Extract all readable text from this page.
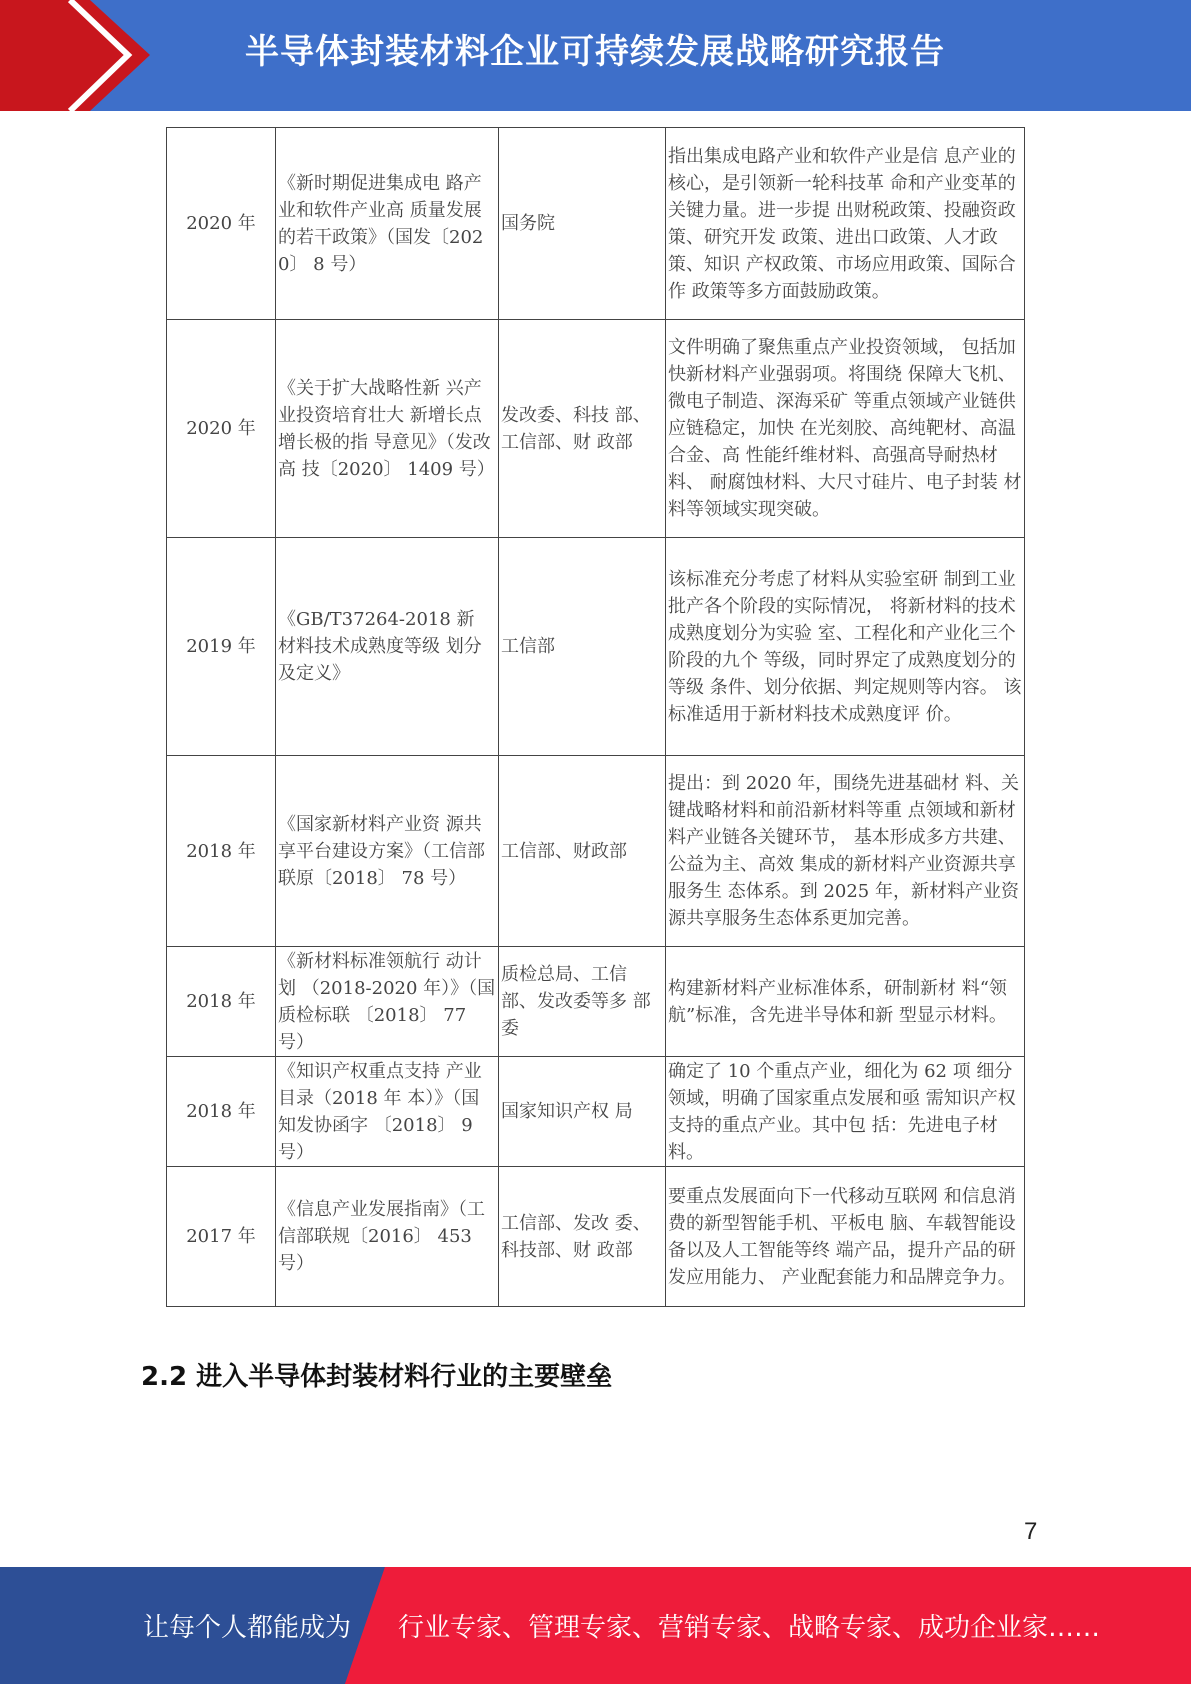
半导体封装材料企业可持续发展战略研究报告
2020 年	《新时期促进集成电 路产业和软件产业高 质量发展的若干政策》（国发〔2020〕 8 号）	国务院	指出集成电路产业和软件产业是信 息产业的核心，是引领新一轮科技革 命和产业变革的关键力量。进一步提 出财税政策、投融资政策、研究开发 政策、进出口政策、人才政策、知识 产权政策、市场应用政策、国际合作 政策等多方面鼓励政策。
2020 年	《关于扩大战略性新 兴产业投资培育壮大 新增长点增长极的指 导意见》（发改高 技〔2020〕 1409 号）	发改委、科技 部、工信部、财 政部	文件明确了聚焦重点产业投资领域， 包括加快新材料产业强弱项。将围绕 保障大飞机、微电子制造、深海采矿 等重点领域产业链供应链稳定，加快 在光刻胶、高纯靶材、高温合金、高 性能纤维材料、高强高导耐热材料、 耐腐蚀材料、大尺寸硅片、电子封装 材料等领域实现突破。
2019 年	《GB/T37264-2018 新 材料技术成熟度等级 划分及定义》	工信部	该标准充分考虑了材料从实验室研 制到工业批产各个阶段的实际情况， 将新材料的技术成熟度划分为实验 室、工程化和产业化三个阶段的九个 等级，同时界定了成熟度划分的等级 条件、划分依据、判定规则等内容。 该标准适用于新材料技术成熟度评 价。
2018 年	《国家新材料产业资 源共享平台建设方案》（工信部联原〔2018〕 78 号）	工信部、财政部	提出：到 2020 年，围绕先进基础材 料、关键战略材料和前沿新材料等重 点领域和新材料产业链各关键环节， 基本形成多方共建、公益为主、高效 集成的新材料产业资源共享服务生 态体系。到 2025 年，新材料产业资 源共享服务生态体系更加完善。
2018 年	《新材料标准领航行 动计划 （2018-2020 年）》（国质检标联 〔2018〕 77 号）	质检总局、工信 部、发改委等多 部委	构建新材料产业标准体系，研制新材 料“领航”标准，含先进半导体和新 型显示材料。
2018 年	《知识产权重点支持 产业目录（2018 年 本）》（国知发协函字 〔2018〕 9 号）	国家知识产权 局	确定了 10 个重点产业，细化为 62 项 细分领域，明确了国家重点发展和亟 需知识产权支持的重点产业。其中包 括：先进电子材料。
2017 年	《信息产业发展指南》（工信部联规〔2016〕 453 号）	工信部、发改 委、科技部、财 政部	要重点发展面向下一代移动互联网 和信息消费的新型智能手机、平板电 脑、车载智能设备以及人工智能等终 端产品，提升产品的研发应用能力、 产业配套能力和品牌竞争力。
2.2 进入半导体封装材料行业的主要壁垒
7
让每个人都能成为 行业专家、管理专家、营销专家、战略专家、成功企业家……
